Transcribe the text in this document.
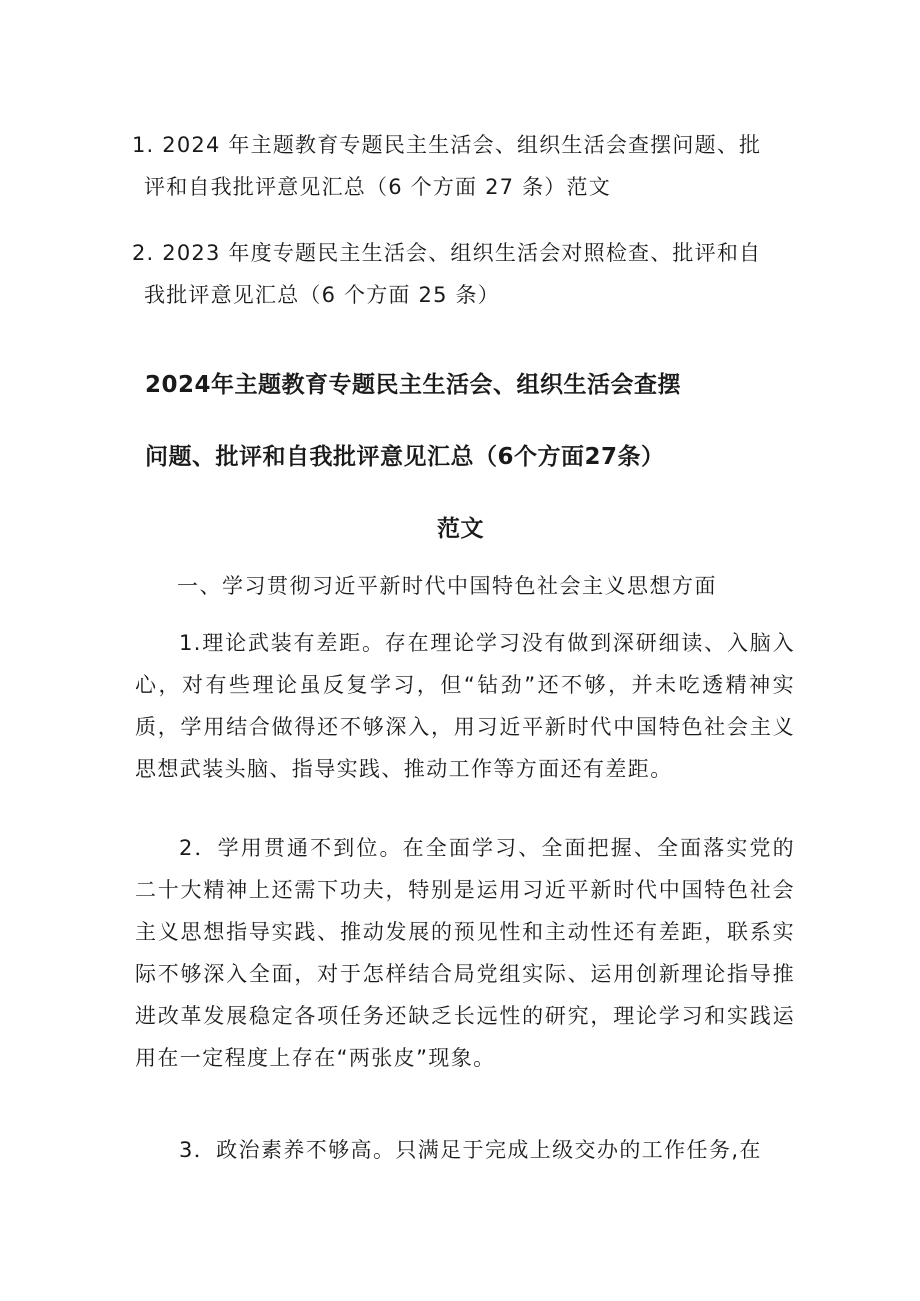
1. 2024 年主题教育专题民主生活会、组织生活会查摆问题、批
评和自我批评意见汇总（6 个方面 27 条）范文
2. 2023 年度专题民主生活会、组织生活会对照检查、批评和自
我批评意见汇总（6 个方面 25 条）
2024年主题教育专题民主生活会、组织生活会查摆
问题、批评和自我批评意见汇总（6个方面27条）
范文
一、学习贯彻习近平新时代中国特色社会主义思想方面
1.理论武装有差距。存在理论学习没有做到深研细读、入脑入心，对有些理论虽反复学习，但“钻劲”还不够，并未吃透精神实质，学用结合做得还不够深入，用习近平新时代中国特色社会主义思想武装头脑、指导实践、推动工作等方面还有差距。
2．学用贯通不到位。在全面学习、全面把握、全面落实党的二十大精神上还需下功夫，特别是运用习近平新时代中国特色社会主义思想指导实践、推动发展的预见性和主动性还有差距，联系实际不够深入全面，对于怎样结合局党组实际、运用创新理论指导推进改革发展稳定各项任务还缺乏长远性的研究，理论学习和实践运用在一定程度上存在“两张皮”现象。
3．政治素养不够高。只满足于完成上级交办的工作任务,在
